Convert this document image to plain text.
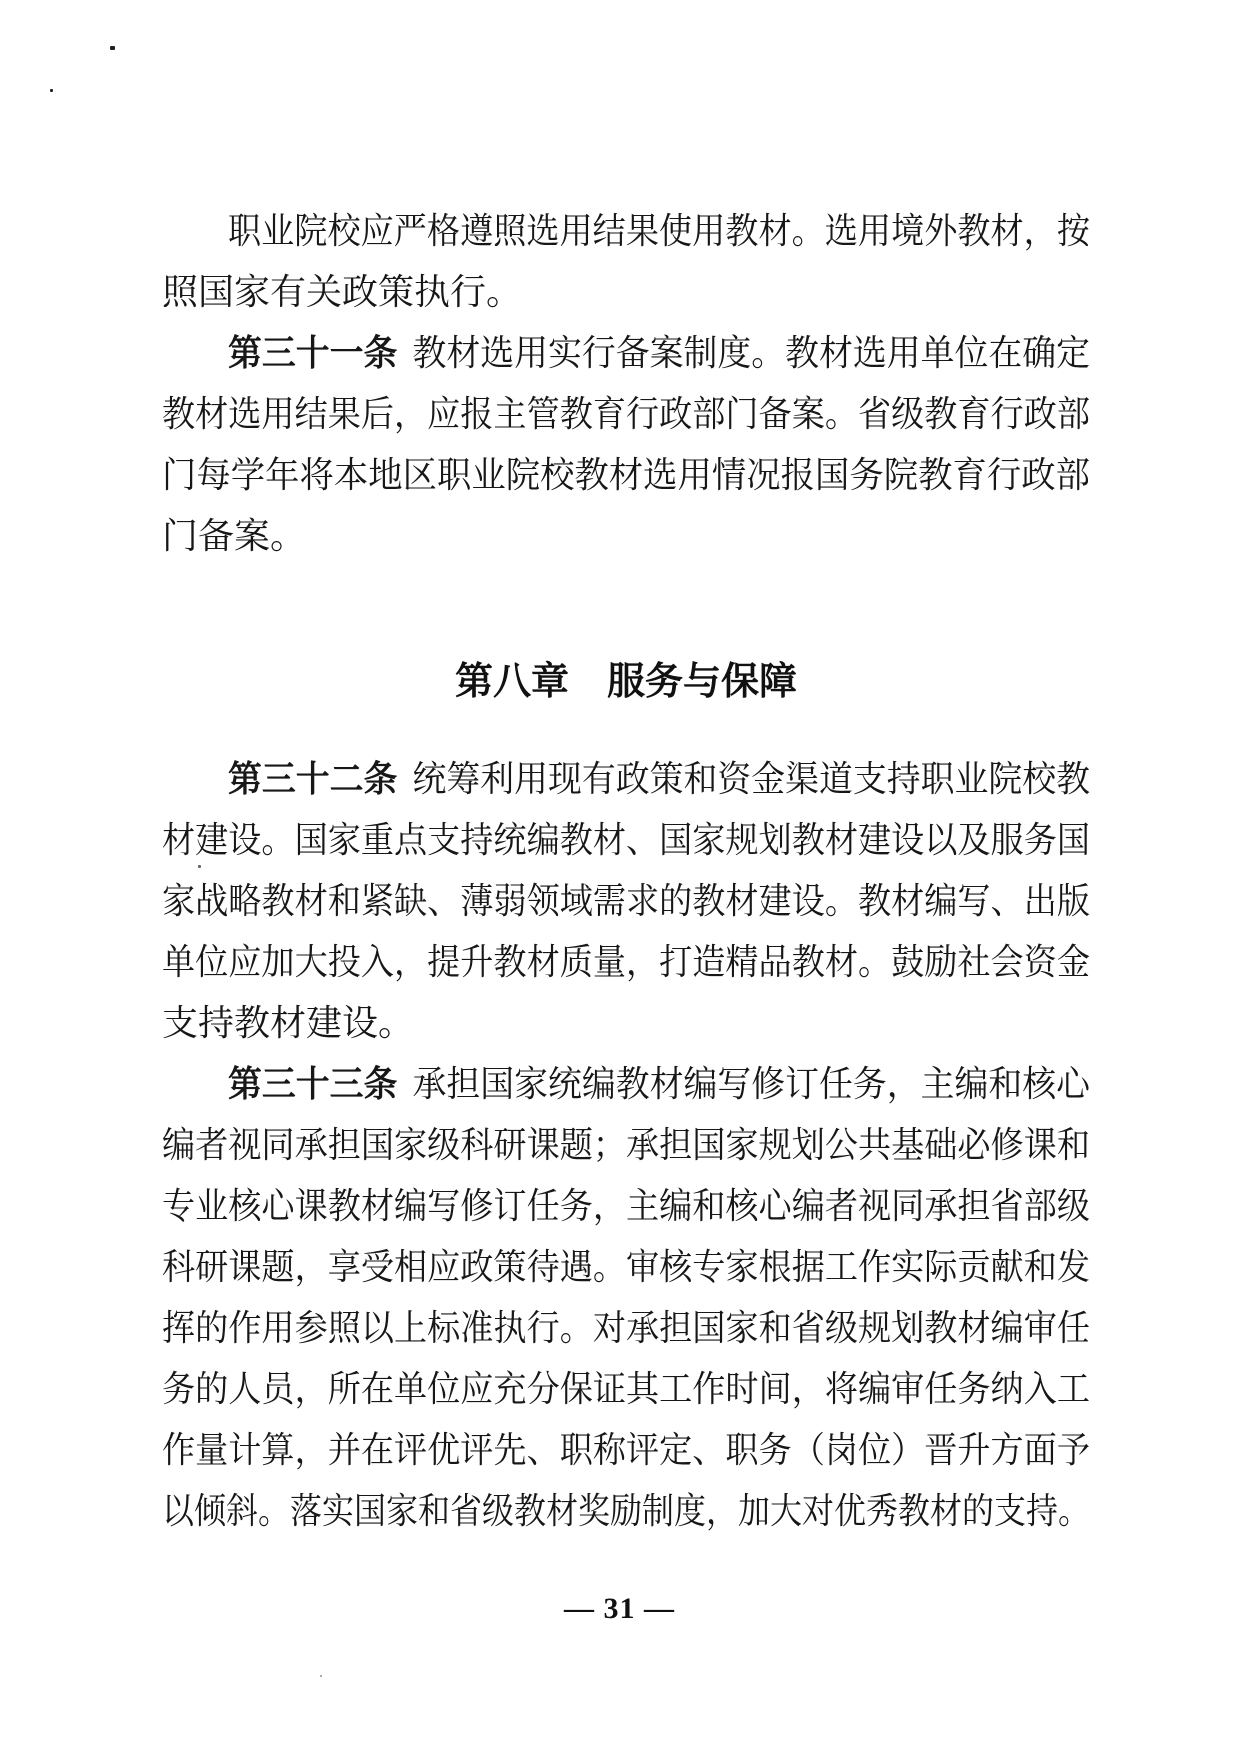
职业院校应严格遵照选用结果使用教材。选用境外教材，按
照国家有关政策执行。
第三十一条 教材选用实行备案制度。教材选用单位在确定
教材选用结果后，应报主管教育行政部门备案。省级教育行政部
门每学年将本地区职业院校教材选用情况报国务院教育行政部
门备案。
第八章　服务与保障
第三十二条 统筹利用现有政策和资金渠道支持职业院校教
材建设。国家重点支持统编教材、国家规划教材建设以及服务国
家战略教材和紧缺、薄弱领域需求的教材建设。教材编写、出版
单位应加大投入，提升教材质量，打造精品教材。鼓励社会资金
支持教材建设。
第三十三条 承担国家统编教材编写修订任务，主编和核心
编者视同承担国家级科研课题；承担国家规划公共基础必修课和
专业核心课教材编写修订任务，主编和核心编者视同承担省部级
科研课题，享受相应政策待遇。审核专家根据工作实际贡献和发
挥的作用参照以上标准执行。对承担国家和省级规划教材编审任
务的人员，所在单位应充分保证其工作时间，将编审任务纳入工
作量计算，并在评优评先、职称评定、职务（岗位）晋升方面予
以倾斜。落实国家和省级教材奖励制度，加大对优秀教材的支持。
— 31 —
